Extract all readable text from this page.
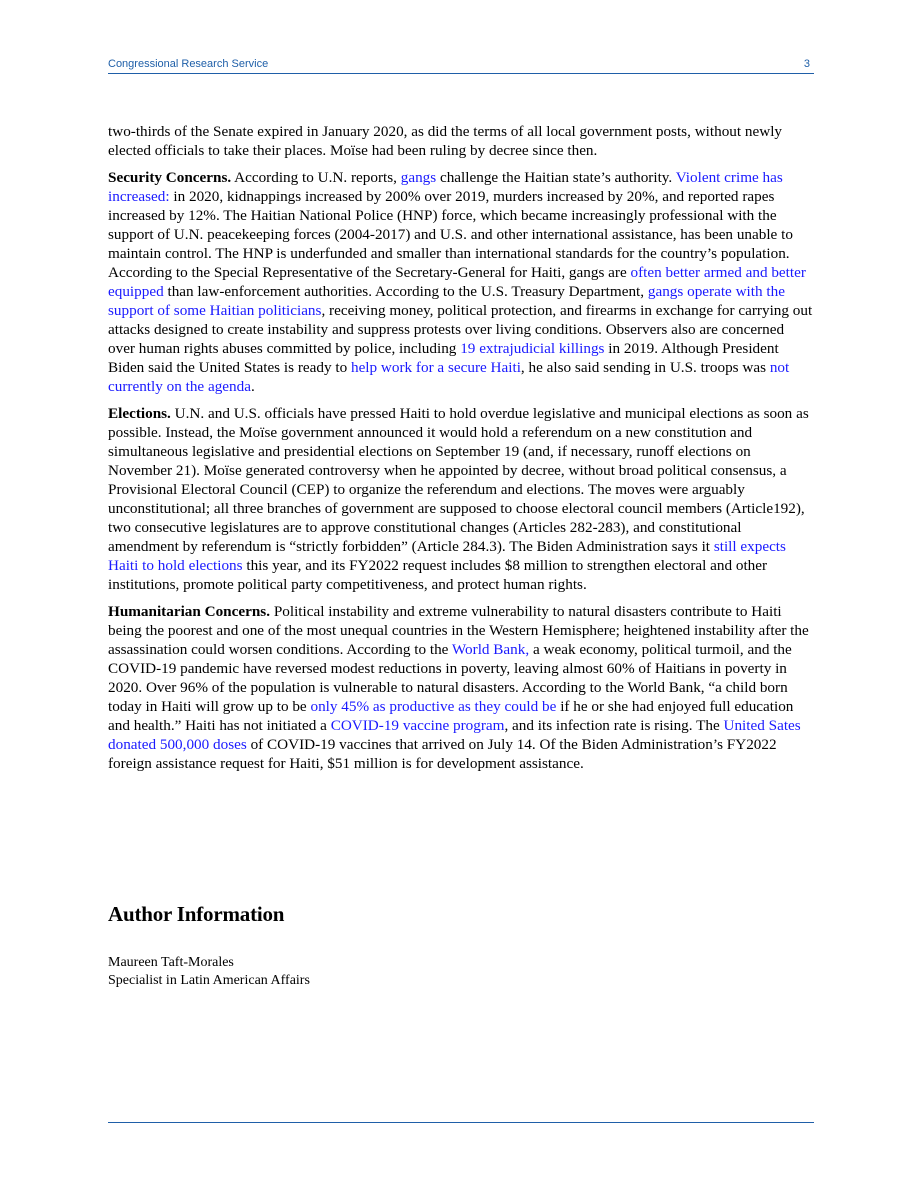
Congressional Research Service	3

two-thirds of the Senate expired in January 2020, as did the terms of all local government posts, without newly elected officials to take their places. Moïse had been ruling by decree since then.

Security Concerns. According to U.N. reports, gangs challenge the Haitian state’s authority. Violent crime has increased: in 2020, kidnappings increased by 200% over 2019, murders increased by 20%, and reported rapes increased by 12%. The Haitian National Police (HNP) force, which became increasingly professional with the support of U.N. peacekeeping forces (2004-2017) and U.S. and other international assistance, has been unable to maintain control. The HNP is underfunded and smaller than international standards for the country’s population. According to the Special Representative of the Secretary-General for Haiti, gangs are often better armed and better equipped than law-enforcement authorities. According to the U.S. Treasury Department, gangs operate with the support of some Haitian politicians, receiving money, political protection, and firearms in exchange for carrying out attacks designed to create instability and suppress protests over living conditions. Observers also are concerned over human rights abuses committed by police, including 19 extrajudicial killings in 2019. Although President Biden said the United States is ready to help work for a secure Haiti, he also said sending in U.S. troops was not currently on the agenda.

Elections. U.N. and U.S. officials have pressed Haiti to hold overdue legislative and municipal elections as soon as possible. Instead, the Moïse government announced it would hold a referendum on a new constitution and simultaneous legislative and presidential elections on September 19 (and, if necessary, runoff elections on November 21). Moïse generated controversy when he appointed by decree, without broad political consensus, a Provisional Electoral Council (CEP) to organize the referendum and elections. The moves were arguably unconstitutional; all three branches of government are supposed to choose electoral council members (Article192), two consecutive legislatures are to approve constitutional changes (Articles 282-283), and constitutional amendment by referendum is “strictly forbidden” (Article 284.3). The Biden Administration says it still expects Haiti to hold elections this year, and its FY2022 request includes $8 million to strengthen electoral and other institutions, promote political party competitiveness, and protect human rights.

Humanitarian Concerns. Political instability and extreme vulnerability to natural disasters contribute to Haiti being the poorest and one of the most unequal countries in the Western Hemisphere; heightened instability after the assassination could worsen conditions. According to the World Bank, a weak economy, political turmoil, and the COVID-19 pandemic have reversed modest reductions in poverty, leaving almost 60% of Haitians in poverty in 2020. Over 96% of the population is vulnerable to natural disasters. According to the World Bank, “a child born today in Haiti will grow up to be only 45% as productive as they could be if he or she had enjoyed full education and health.” Haiti has not initiated a COVID-19 vaccine program, and its infection rate is rising. The United Sates donated 500,000 doses of COVID-19 vaccines that arrived on July 14. Of the Biden Administration’s FY2022 foreign assistance request for Haiti, $51 million is for development assistance.

Author Information
Maureen Taft-Morales
Specialist in Latin American Affairs
